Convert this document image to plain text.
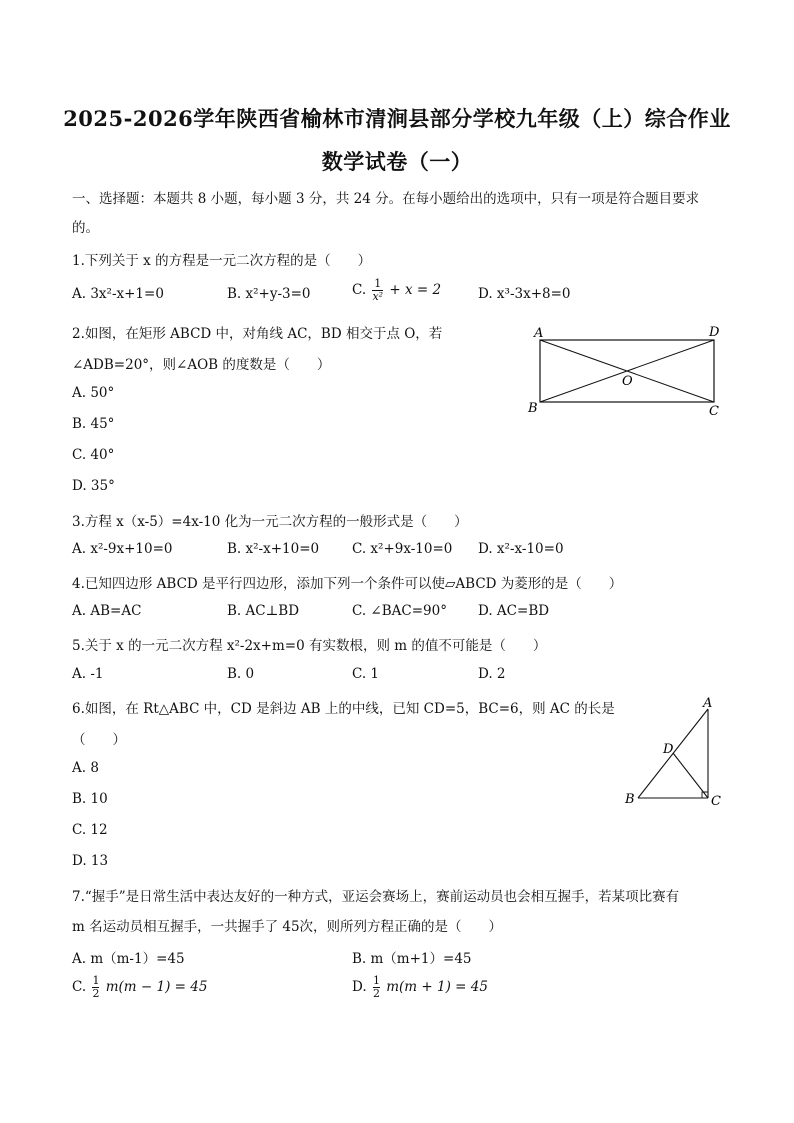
2025-2026学年陕西省榆林市清涧县部分学校九年级（上）综合作业
数学试卷（一）
一、选择题：本题共 8 小题，每小题 3 分，共 24 分。在每小题给出的选项中，只有一项是符合题目要求
的。
1.下列关于 x 的方程是一元二次方程的是（　　）
A. 3x²-x+1=0	B. x²+y-3=0	C. $\frac{1}{\text{x²}} + x = 2$	D. x³-3x+8=0
2.如图，在矩形 ABCD 中，对角线 AC，BD 相交于点 O，若
∠ADB=20°，则∠AOB 的度数是（　　）
A. 50°
B. 45°
C. 40°
D. 35°
A	D
B	C
O
3.方程 x（x-5）=4x-10 化为一元二次方程的一般形式是（　　）
A. x²-9x+10=0	B. x²-x+10=0 C. x²+9x-10=0 D. x²-x-10=0
4.已知四边形 ABCD 是平行四边形，添加下列一个条件可以使▱ABCD 为菱形的是（　　）
A. AB=AC	B. AC⊥BD	C. ∠BAC=90° D. AC=BD
5.关于 x 的一元二次方程 x²-2x+m=0 有实数根，则 m 的值不可能是（　　）
A. -1	B. 0	C. 1	D. 2
6.如图，在 Rt△ABC 中，CD 是斜边 AB 上的中线，已知 CD=5，BC=6，则 AC 的长是
（　　）
A. 8
B. 10
C. 12
D. 13
A
D
B	C
7.“握手”是日常生活中表达友好的一种方式，亚运会赛场上，赛前运动员也会相互握手，若某项比赛有
m 名运动员相互握手，一共握手了 45次，则所列方程正确的是（　　）
A. m（m-1）=45	B. m（m+1）=45
C. $\frac{1}{2} m(m - 1) = 45$	D. $\frac{1}{2} m(m + 1) = 45$
